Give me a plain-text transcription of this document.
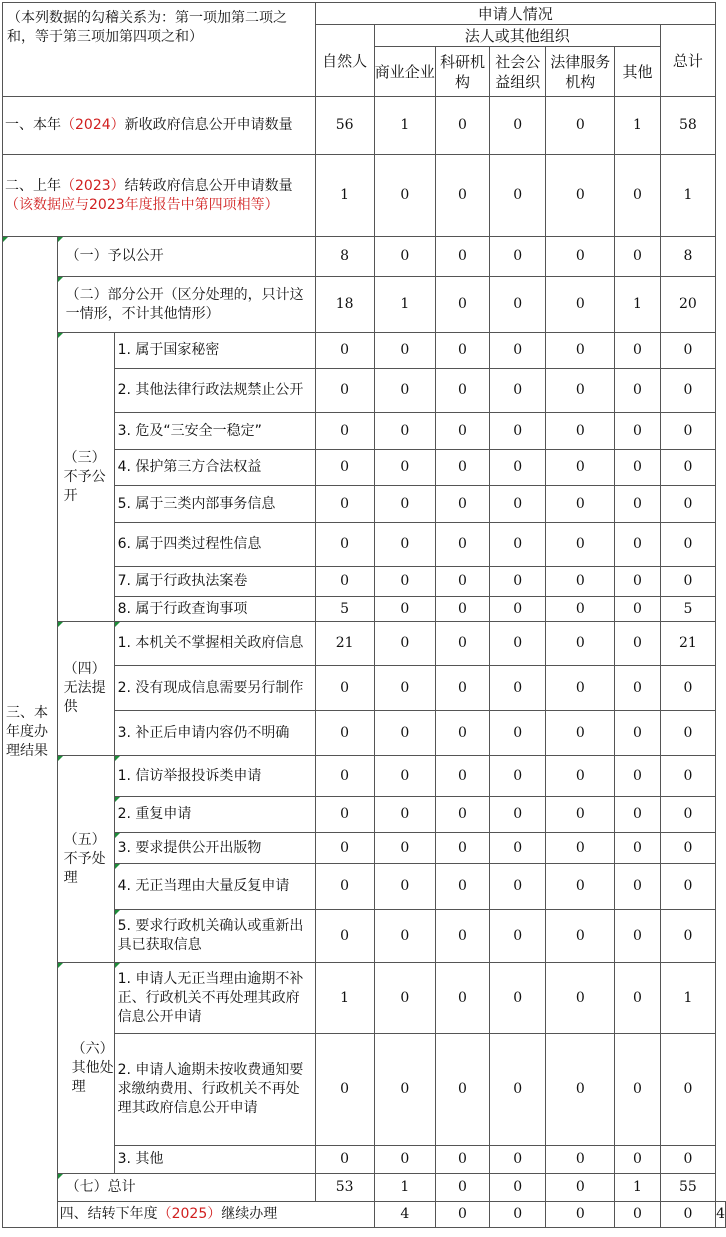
（本列数据的勾稽关系为：第一项加第二项之和，等于第三项加第四项之和）			申请人情况							
			自然人	法人或其他组织					总计	
				商业企业	科研机构	社会公益组织	法律服务机构	其他		
一、本年（2024）新收政府信息公开申请数量			56	1	0	0	0	1	58	
二、上年（2023）结转政府信息公开申请数量（该数据应与2023年度报告中第四项相等）			1	0	0	0	0	0	1	
三、本年度办理结果	（一）予以公开		8	0	0	0	0	0	8	
	（二）部分公开（区分处理的，只计这一情形，不计其他情形）		18	1	0	0	0	1	20	
	（三）不予公开	1. 属于国家秘密	0	0	0	0	0	0	0	
		2. 其他法律行政法规禁止公开	0	0	0	0	0	0	0	
		3. 危及“三安全一稳定”	0	0	0	0	0	0	0	
		4. 保护第三方合法权益	0	0	0	0	0	0	0	
		5. 属于三类内部事务信息	0	0	0	0	0	0	0	
		6. 属于四类过程性信息	0	0	0	0	0	0	0	
		7. 属于行政执法案卷	0	0	0	0	0	0	0	
		8. 属于行政查询事项	5	0	0	0	0	0	5	
	（四）无法提供	1. 本机关不掌握相关政府信息	21	0	0	0	0	0	21	
		2. 没有现成信息需要另行制作	0	0	0	0	0	0	0	
		3. 补正后申请内容仍不明确	0	0	0	0	0	0	0	
	（五）不予处理	1. 信访举报投诉类申请	0	0	0	0	0	0	0	
		2. 重复申请	0	0	0	0	0	0	0	
		3. 要求提供公开出版物	0	0	0	0	0	0	0	
		4. 无正当理由大量反复申请	0	0	0	0	0	0	0	
		5. 要求行政机关确认或重新出具已获取信息	0	0	0	0	0	0	0	
	（六）其他处理	1. 申请人无正当理由逾期不补正、行政机关不再处理其政府信息公开申请	1	0	0	0	0	0	1	
		2. 申请人逾期未按收费通知要求缴纳费用、行政机关不再处理其政府信息公开申请	0	0	0	0	0	0	0	
		3. 其他	0	0	0	0	0	0	0	
	（七）总计		53	1	0	0	0	1	55	
	四、结转下年度（2025）继续办理			4	0	0	0	0	0	4
